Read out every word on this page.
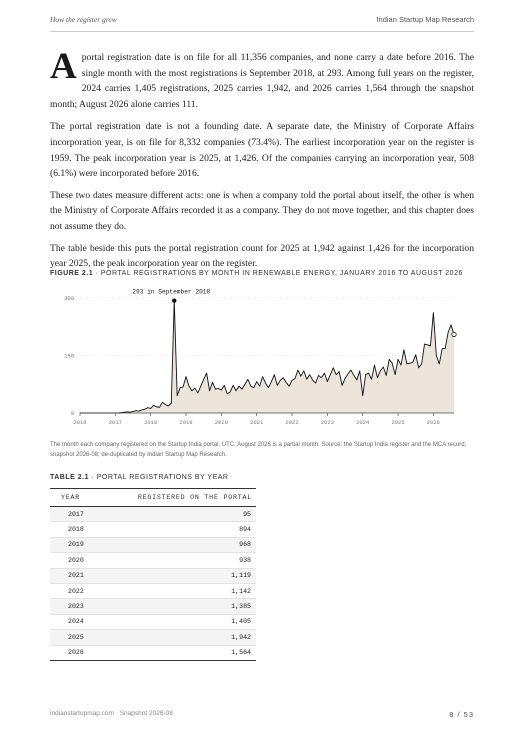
How the register grew	Indian Startup Map Research

A portal registration date is on file for all 11,356 companies, and none carry a date before 2016. The single month with the most registrations is September 2018, at 293. Among full years on the register, 2024 carries 1,405 registrations, 2025 carries 1,942, and 2026 carries 1,564 through the snapshot month; August 2026 alone carries 111.

The portal registration date is not a founding date. A separate date, the Ministry of Corporate Affairs incorporation year, is on file for 8,332 companies (73.4%). The earliest incorporation year on the register is 1959. The peak incorporation year is 2025, at 1,426. Of the companies carrying an incorporation year, 508 (6.1%) were incorporated before 2016.

These two dates measure different acts: one is when a company told the portal about itself, the other is when the Ministry of Corporate Affairs recorded it as a company. They do not move together, and this chapter does not assume they do.

The table beside this puts the portal registration count for 2025 at 1,942 against 1,426 for the incorporation year 2025, the peak incorporation year on the register.

FIGURE 2.1 · PORTAL REGISTRATIONS BY MONTH IN RENEWABLE ENERGY, JANUARY 2016 TO AUGUST 2026
0
150
300
2016	2017	2018	2019	2020	2021	2022	2023	2024	2025	2026
293 in September 2018
The month each company registered on the Startup India portal, UTC; August 2026 is a partial month. Source: the Startup India register and the MCA record, snapshot 2026-08; de-duplicated by Indian Startup Map Research.
TABLE 2.1 · PORTAL REGISTRATIONS BY YEAR
YEAR	REGISTERED ON THE PORTAL
2017	95
2018	894
2019	968
2020	938
2021	1,119
2022	1,142
2023	1,385
2024	1,405
2025	1,942
2026	1,564
indianstartupmap.com · Snapshot 2026-08	8 / 53
